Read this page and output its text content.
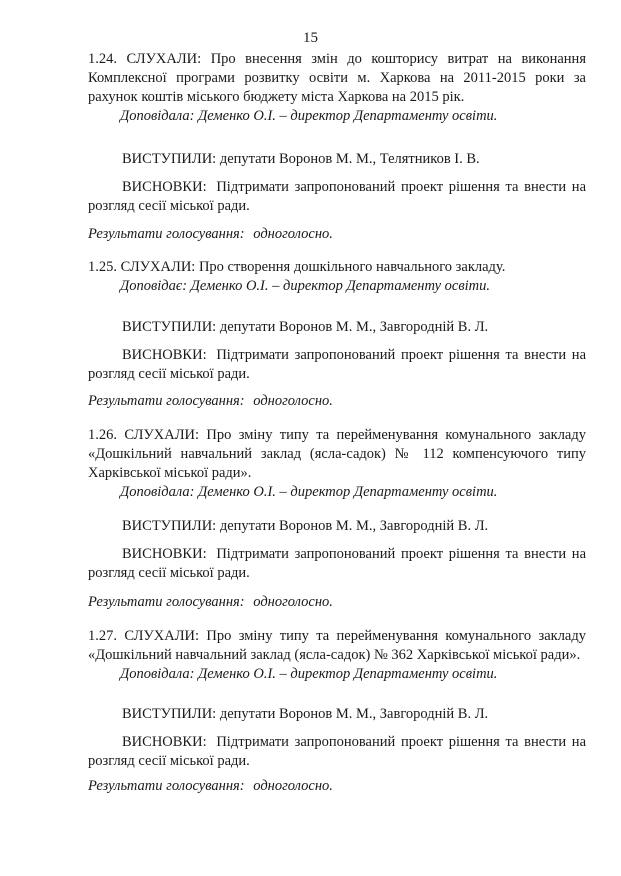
15
1.24. СЛУХАЛИ: Про внесення змін до кошторису витрат на виконання Комплексної програми розвитку освіти м. Харкова на 2011-2015 роки за рахунок коштів міського бюджету міста Харкова на 2015 рік.
Доповідала: Деменко О.І. – директор Департаменту освіти.
ВИСТУПИЛИ: депутати Воронов М. М., Телятников І. В.
ВИСНОВКИ: Підтримати запропонований проект рішення та внести на розгляд сесії міської ради.
Результати голосування: одноголосно.
1.25. СЛУХАЛИ: Про створення дошкільного навчального закладу.
Доповідає: Деменко О.І. – директор Департаменту освіти.
ВИСТУПИЛИ: депутати Воронов М. М., Завгородній В. Л.
ВИСНОВКИ: Підтримати запропонований проект рішення та внести на розгляд сесії міської ради.
Результати голосування: одноголосно.
1.26. СЛУХАЛИ: Про зміну типу та перейменування комунального закладу «Дошкільний навчальний заклад (ясла-садок) № 112 компенсуючого типу Харківської міської ради».
Доповідала: Деменко О.І. – директор Департаменту освіти.
ВИСТУПИЛИ: депутати Воронов М. М., Завгородній В. Л.
ВИСНОВКИ: Підтримати запропонований проект рішення та внести на розгляд сесії міської ради.
Результати голосування: одноголосно.
1.27. СЛУХАЛИ: Про зміну типу та перейменування комунального закладу «Дошкільний навчальний заклад (ясла-садок) № 362 Харківської міської ради».
Доповідала: Деменко О.І. – директор Департаменту освіти.
ВИСТУПИЛИ: депутати Воронов М. М., Завгородній В. Л.
ВИСНОВКИ: Підтримати запропонований проект рішення та внести на розгляд сесії міської ради.
Результати голосування: одноголосно.
